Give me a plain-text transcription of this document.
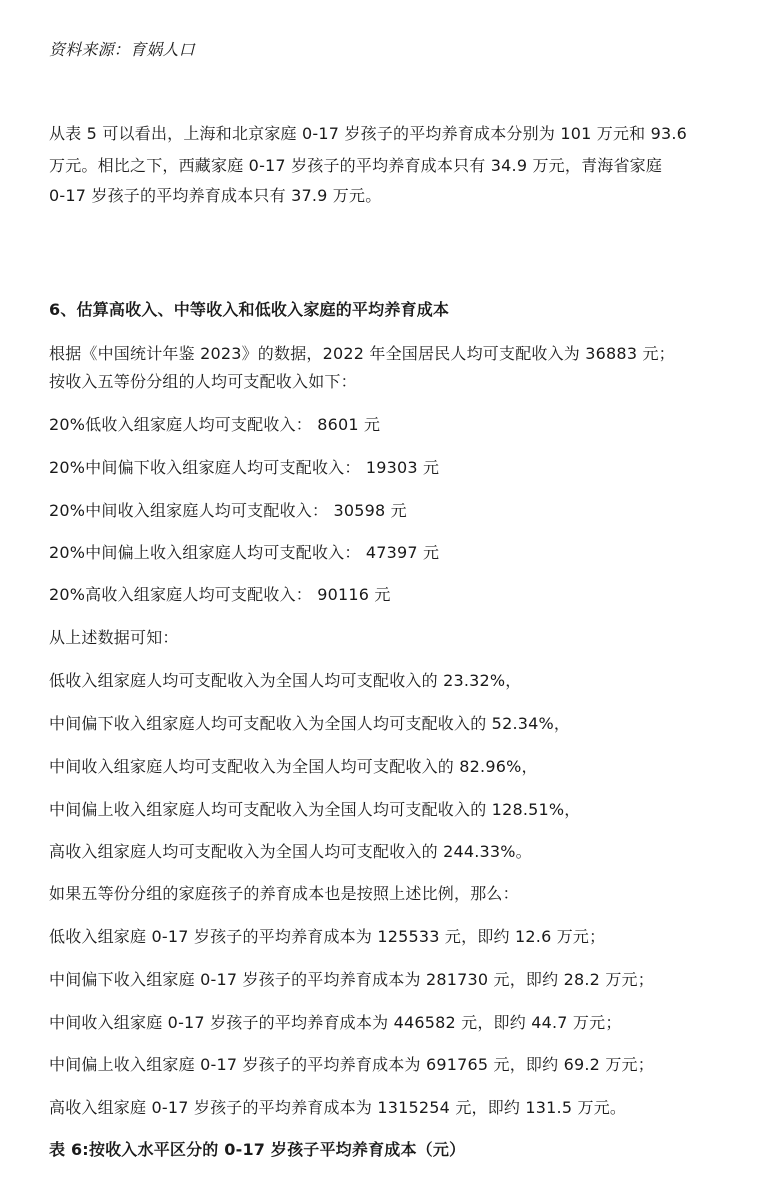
资料来源：育娲人口
从表 5 可以看出，上海和北京家庭 0-17 岁孩子的平均养育成本分别为 101 万元和 93.6
万元。相比之下，西藏家庭 0-17 岁孩子的平均养育成本只有 34.9 万元，青海省家庭
0-17 岁孩子的平均养育成本只有 37.9 万元。
6、估算高收入、中等收入和低收入家庭的平均养育成本
根据《中国统计年鉴 2023》的数据，2022 年全国居民人均可支配收入为 36883 元；
按收入五等份分组的人均可支配收入如下：
20%低收入组家庭人均可支配收入： 8601 元
20%中间偏下收入组家庭人均可支配收入： 19303 元
20%中间收入组家庭人均可支配收入： 30598 元
20%中间偏上收入组家庭人均可支配收入： 47397 元
20%高收入组家庭人均可支配收入： 90116 元
从上述数据可知：
低收入组家庭人均可支配收入为全国人均可支配收入的 23.32%，
中间偏下收入组家庭人均可支配收入为全国人均可支配收入的 52.34%，
中间收入组家庭人均可支配收入为全国人均可支配收入的 82.96%，
中间偏上收入组家庭人均可支配收入为全国人均可支配收入的 128.51%，
高收入组家庭人均可支配收入为全国人均可支配收入的 244.33%。
如果五等份分组的家庭孩子的养育成本也是按照上述比例，那么：
低收入组家庭 0-17 岁孩子的平均养育成本为 125533 元，即约 12.6 万元；
中间偏下收入组家庭 0-17 岁孩子的平均养育成本为 281730 元，即约 28.2 万元；
中间收入组家庭 0-17 岁孩子的平均养育成本为 446582 元，即约 44.7 万元；
中间偏上收入组家庭 0-17 岁孩子的平均养育成本为 691765 元，即约 69.2 万元；
高收入组家庭 0-17 岁孩子的平均养育成本为 1315254 元，即约 131.5 万元。
表 6:按收入水平区分的 0-17 岁孩子平均养育成本（元）
